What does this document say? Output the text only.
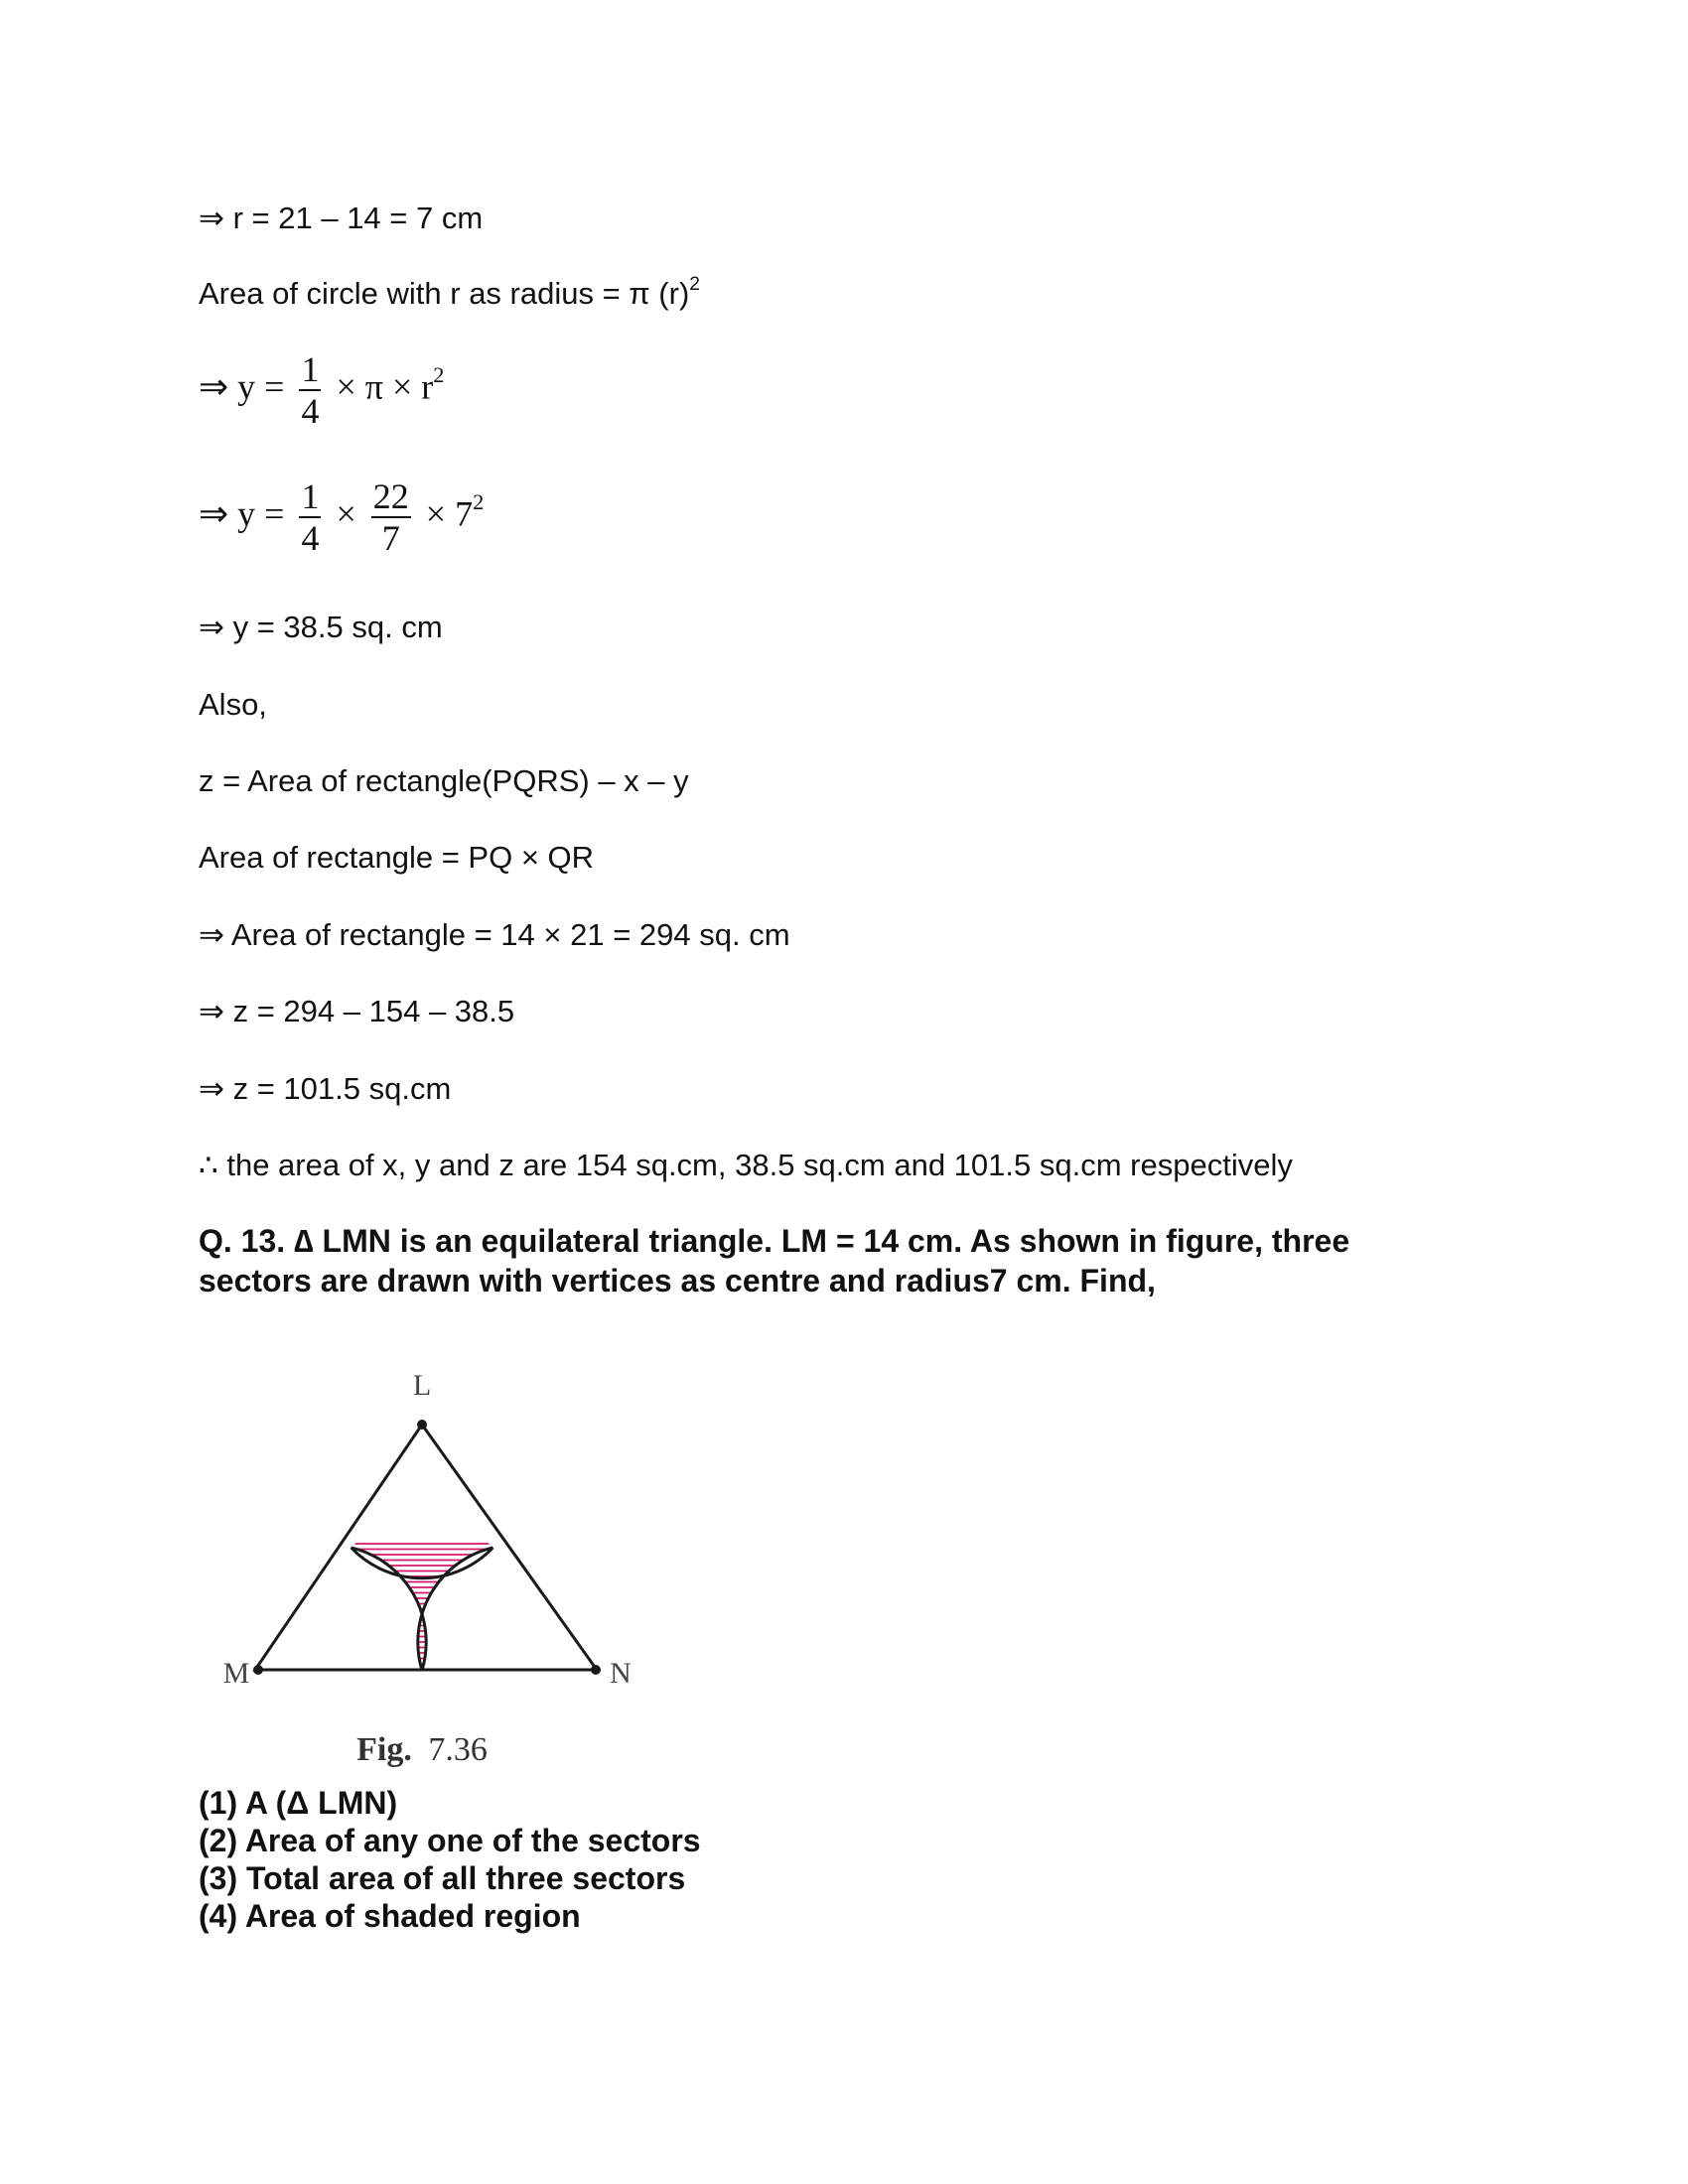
⇒ r = 21 – 14 = 7 cm
Area of circle with r as radius = π $(r)^2$
⇒ $y = \frac{1}{4} \times \pi \times r^2$
⇒ $y = \frac{1}{4} \times \frac{22}{7} \times 7^2$
⇒ y = 38.5 sq. cm
Also,
z = Area of rectangle(PQRS) – x – y
Area of rectangle = PQ × QR
⇒ Area of rectangle = 14 × 21 = 294 sq. cm
⇒ z = 294 – 154 – 38.5
⇒ z = 101.5 sq.cm
∴ the area of x, y and z are 154 sq.cm, 38.5 sq.cm and 101.5 sq.cm respectively
Q. 13. ∆ LMN is an equilateral triangle. LM = 14 cm. As shown in figure, three
sectors are drawn with vertices as centre and radius7 cm. Find,
L
M	N
Fig. 7.36
(1) A (Δ LMN)
(2) Area of any one of the sectors
(3) Total area of all three sectors
(4) Area of shaded region
